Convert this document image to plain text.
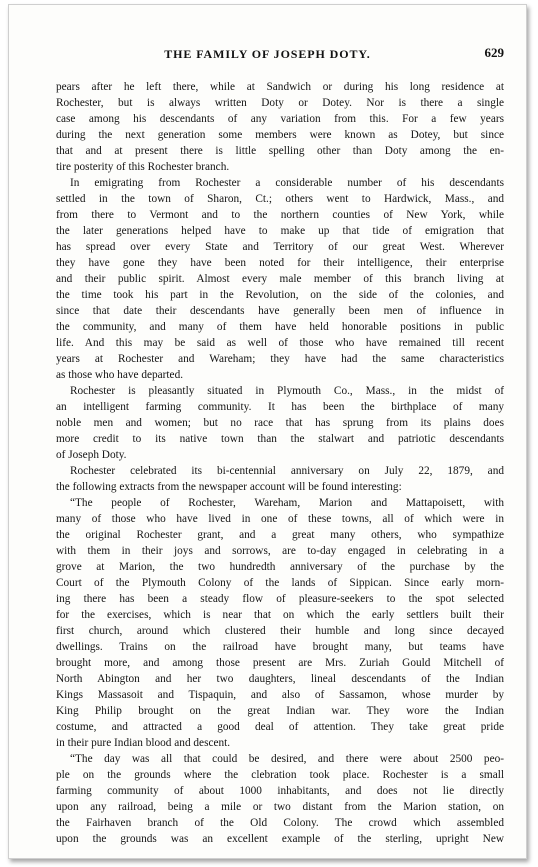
THE FAMILY OF JOSEPH DOTY.	629
pears after he left there, while at Sandwich or during his long residence at
Rochester, but is always written Doty or Dotey. Nor is there a single
case among his descendants of any variation from this. For a few years
during the next generation some members were known as Dotey, but since
that and at present there is little spelling other than Doty among the en-
tire posterity of this Rochester branch.
In emigrating from Rochester a considerable number of his descendants
settled in the town of Sharon, Ct.; others went to Hardwick, Mass., and
from there to Vermont and to the northern counties of New York, while
the later generations helped have to make up that tide of emigration that
has spread over every State and Territory of our great West. Wherever
they have gone they have been noted for their intelligence, their enterprise
and their public spirit. Almost every male member of this branch living at
the time took his part in the Revolution, on the side of the colonies, and
since that date their descendants have generally been men of influence in
the community, and many of them have held honorable positions in public
life. And this may be said as well of those who have remained till recent
years at Rochester and Wareham; they have had the same characteristics
as those who have departed.
Rochester is pleasantly situated in Plymouth Co., Mass., in the midst of
an intelligent farming community. It has been the birthplace of many
noble men and women; but no race that has sprung from its plains does
more credit to its native town than the stalwart and patriotic descendants
of Joseph Doty.
Rochester celebrated its bi-centennial anniversary on July 22, 1879, and
the following extracts from the newspaper account will be found interesting:
“The people of Rochester, Wareham, Marion and Mattapoisett, with
many of those who have lived in one of these towns, all of which were in
the original Rochester grant, and a great many others, who sympathize
with them in their joys and sorrows, are to-day engaged in celebrating in a
grove at Marion, the two hundredth anniversary of the purchase by the
Court of the Plymouth Colony of the lands of Sippican. Since early morn-
ing there has been a steady flow of pleasure-seekers to the spot selected
for the exercises, which is near that on which the early settlers built their
first church, around which clustered their humble and long since decayed
dwellings. Trains on the railroad have brought many, but teams have
brought more, and among those present are Mrs. Zuriah Gould Mitchell of
North Abington and her two daughters, lineal descendants of the Indian
Kings Massasoit and Tispaquin, and also of Sassamon, whose murder by
King Philip brought on the great Indian war. They wore the Indian
costume, and attracted a good deal of attention. They take great pride
in their pure Indian blood and descent.
“The day was all that could be desired, and there were about 2500 peo-
ple on the grounds where the clebration took place. Rochester is a small
farming community of about 1000 inhabitants, and does not lie directly
upon any railroad, being a mile or two distant from the Marion station, on
the Fairhaven branch of the Old Colony. The crowd which assembled
upon the grounds was an excellent example of the sterling, upright New
